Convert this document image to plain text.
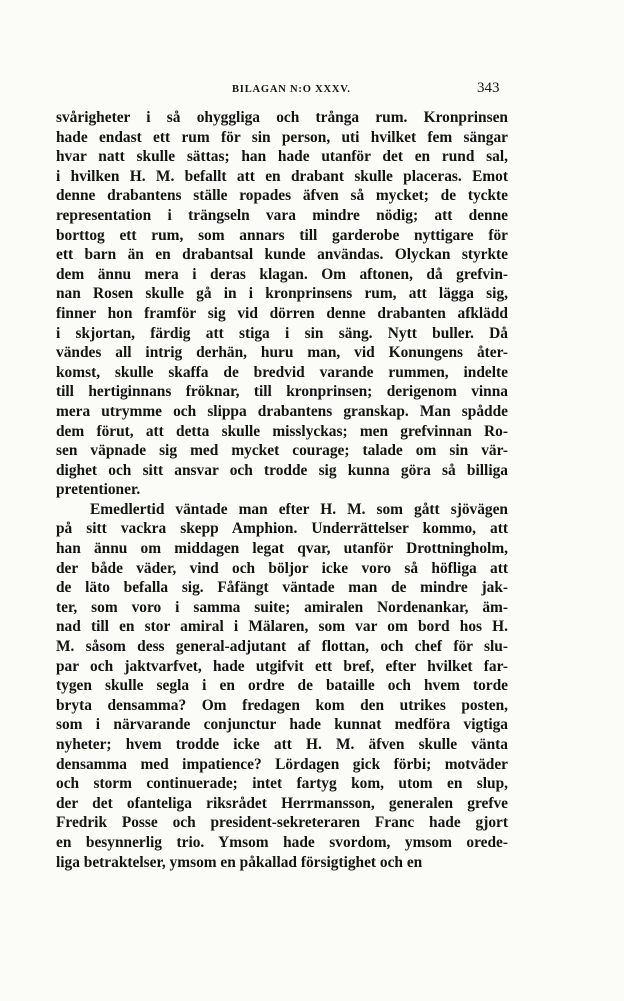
BILAGAN N:O XXXV.	343
svårigheter i så ohyggliga och trånga rum. Kronprinsen
hade endast ett rum för sin person, uti hvilket fem sängar
hvar natt skulle sättas; han hade utanför det en rund sal,
i hvilken H. M. befallt att en drabant skulle placeras. Emot
denne drabantens ställe ropades äfven så mycket; de tyckte
representation i trängseln vara mindre nödig; att denne
borttog ett rum, som annars till garderobe nyttigare för
ett barn än en drabantsal kunde användas. Olyckan styrkte
dem ännu mera i deras klagan. Om aftonen, då grefvin-
nan Rosen skulle gå in i kronprinsens rum, att lägga sig,
finner hon framför sig vid dörren denne drabanten afklädd
i skjortan, färdig att stiga i sin säng. Nytt buller. Då
vändes all intrig derhän, huru man, vid Konungens åter-
komst, skulle skaffa de bredvid varande rummen, indelte
till hertiginnans fröknar, till kronprinsen; derigenom vinna
mera utrymme och slippa drabantens granskap. Man spådde
dem förut, att detta skulle misslyckas; men grefvinnan Ro-
sen väpnade sig med mycket courage; talade om sin vär-
dighet och sitt ansvar och trodde sig kunna göra så billiga
pretentioner.
Emedlertid väntade man efter H. M. som gått sjövägen
på sitt vackra skepp Amphion. Underrättelser kommo, att
han ännu om middagen legat qvar, utanför Drottningholm,
der både väder, vind och böljor icke voro så höfliga att
de läto befalla sig. Fåfängt väntade man de mindre jak-
ter, som voro i samma suite; amiralen Nordenankar, äm-
nad till en stor amiral i Mälaren, som var om bord hos H.
M. såsom dess general-adjutant af flottan, och chef för slu-
par och jaktvarfvet, hade utgifvit ett bref, efter hvilket far-
tygen skulle segla i en ordre de bataille och hvem torde
bryta densamma? Om fredagen kom den utrikes posten,
som i närvarande conjunctur hade kunnat medföra vigtiga
nyheter; hvem trodde icke att H. M. äfven skulle vänta
densamma med impatience? Lördagen gick förbi; motväder
och storm continuerade; intet fartyg kom, utom en slup,
der det ofanteliga riksrådet Herrmansson, generalen grefve
Fredrik Posse och president-sekreteraren Franc hade gjort
en besynnerlig trio. Ymsom hade svordom, ymsom orede-
liga betraktelser, ymsom en påkallad försigtighet och en
